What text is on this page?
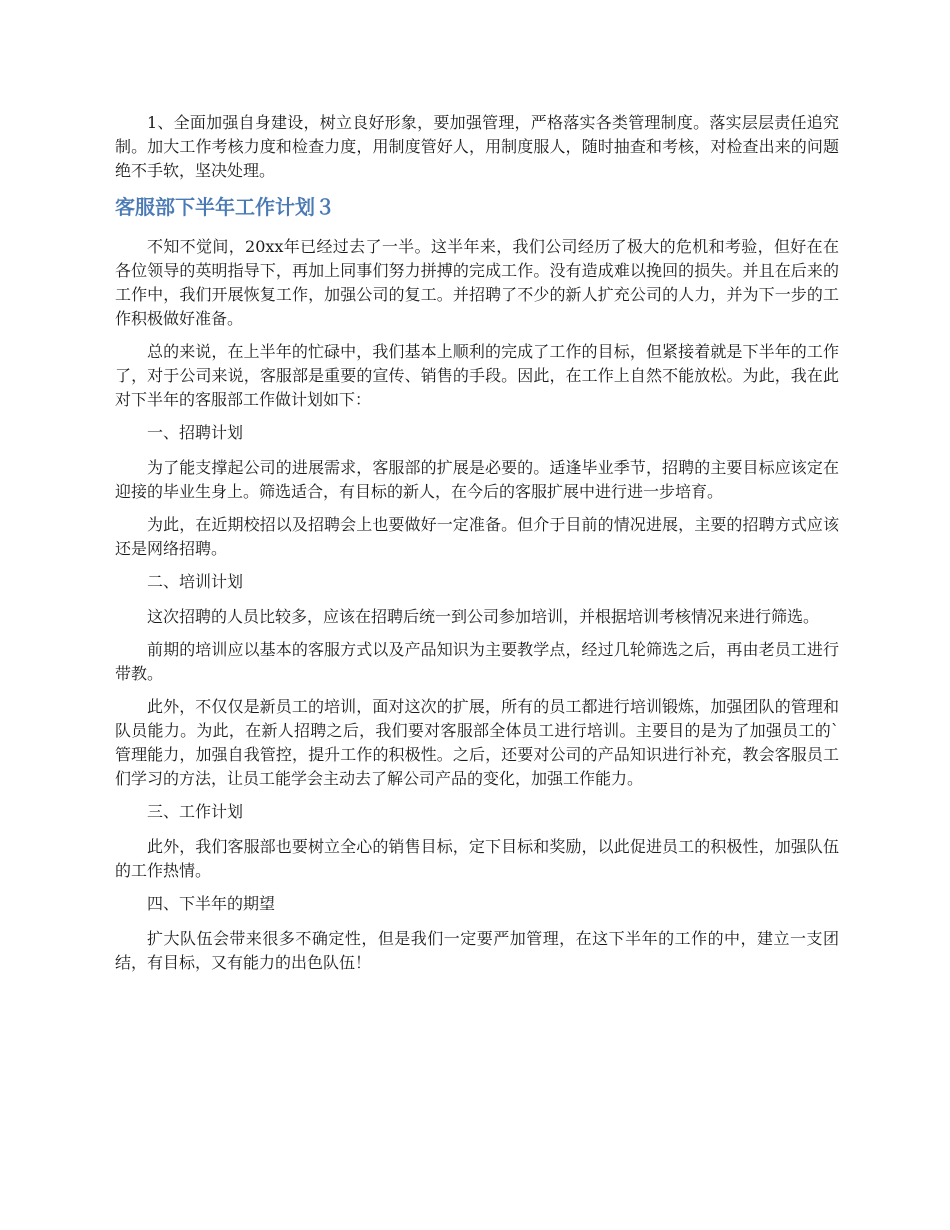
1、全面加强自身建设，树立良好形象，要加强管理，严格落实各类管理制度。落实层层责任追究制。加大工作考核力度和检查力度，用制度管好人，用制度服人，随时抽查和考核，对检查出来的问题绝不手软，坚决处理。

客服部下半年工作计划３

不知不觉间，20xx年已经过去了一半。这半年来，我们公司经历了极大的危机和考验，但好在在各位领导的英明指导下，再加上同事们努力拼搏的完成工作。没有造成难以挽回的损失。并且在后来的工作中，我们开展恢复工作，加强公司的复工。并招聘了不少的新人扩充公司的人力，并为下一步的工作积极做好准备。

总的来说，在上半年的忙碌中，我们基本上顺利的完成了工作的目标，但紧接着就是下半年的工作了，对于公司来说，客服部是重要的宣传、销售的手段。因此，在工作上自然不能放松。为此，我在此对下半年的客服部工作做计划如下：

一、招聘计划

为了能支撑起公司的进展需求，客服部的扩展是必要的。适逢毕业季节，招聘的主要目标应该定在迎接的毕业生身上。筛选适合，有目标的新人，在今后的客服扩展中进行进一步培育。

为此，在近期校招以及招聘会上也要做好一定准备。但介于目前的情况进展，主要的招聘方式应该还是网络招聘。

二、培训计划

这次招聘的人员比较多，应该在招聘后统一到公司参加培训，并根据培训考核情况来进行筛选。

前期的培训应以基本的客服方式以及产品知识为主要教学点，经过几轮筛选之后，再由老员工进行带教。

此外，不仅仅是新员工的培训，面对这次的扩展，所有的员工都进行培训锻炼，加强团队的管理和队员能力。为此，在新人招聘之后，我们要对客服部全体员工进行培训。主要目的是为了加强员工的`管理能力，加强自我管控，提升工作的积极性。之后，还要对公司的产品知识进行补充，教会客服员工们学习的方法，让员工能学会主动去了解公司产品的变化，加强工作能力。

三、工作计划

此外，我们客服部也要树立全心的销售目标，定下目标和奖励，以此促进员工的积极性，加强队伍的工作热情。

四、下半年的期望

扩大队伍会带来很多不确定性，但是我们一定要严加管理，在这下半年的工作的中，建立一支团结，有目标，又有能力的出色队伍！
